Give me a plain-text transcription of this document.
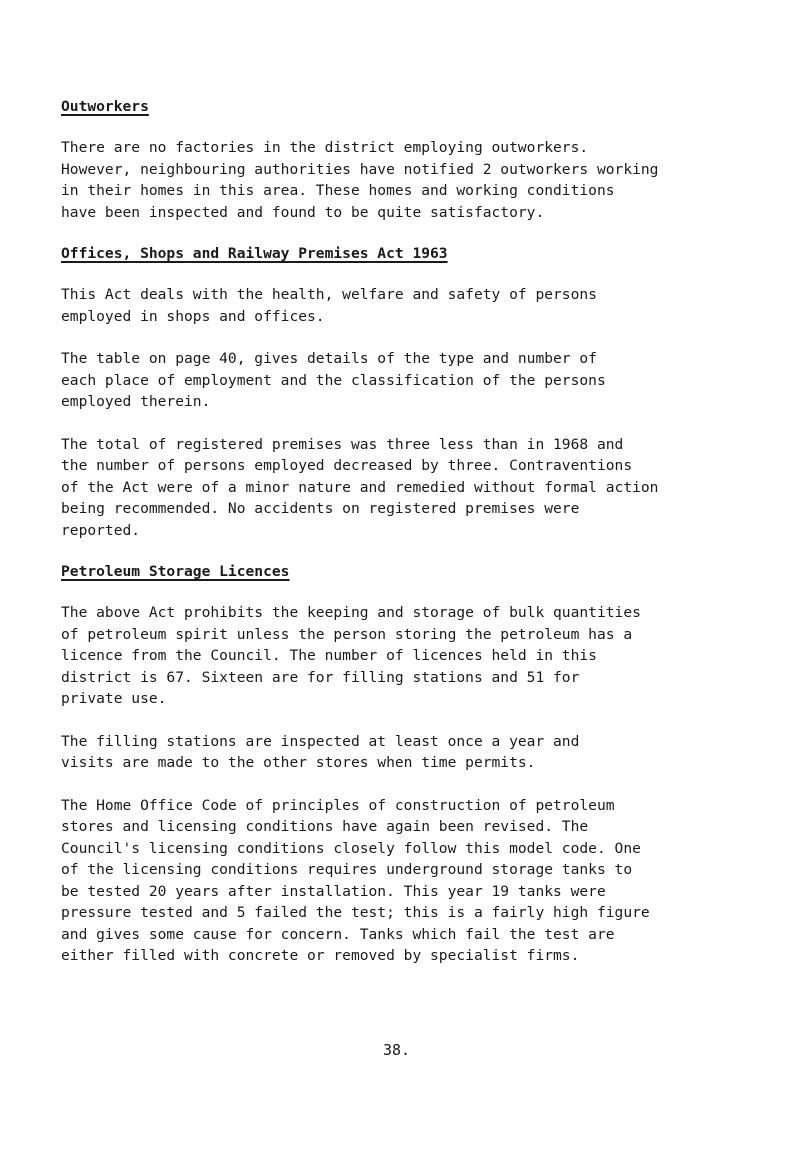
Outworkers

There are no factories in the district employing outworkers.
However, neighbouring authorities have notified 2 outworkers working
in their homes in this area. These homes and working conditions
have been inspected and found to be quite satisfactory.

Offices, Shops and Railway Premises Act 1963

This Act deals with the health, welfare and safety of persons
employed in shops and offices.

The table on page 40, gives details of the type and number of
each place of employment and the classification of the persons
employed therein.

The total of registered premises was three less than in 1968 and
the number of persons employed decreased by three. Contraventions
of the Act were of a minor nature and remedied without formal action
being recommended. No accidents on registered premises were
reported.

Petroleum Storage Licences

The above Act prohibits the keeping and storage of bulk quantities
of petroleum spirit unless the person storing the petroleum has a
licence from the Council. The number of licences held in this
district is 67. Sixteen are for filling stations and 51 for
private use.

The filling stations are inspected at least once a year and
visits are made to the other stores when time permits.

The Home Office Code of principles of construction of petroleum
stores and licensing conditions have again been revised. The
Council's licensing conditions closely follow this model code. One
of the licensing conditions requires underground storage tanks to
be tested 20 years after installation. This year 19 tanks were
pressure tested and 5 failed the test; this is a fairly high figure
and gives some cause for concern. Tanks which fail the test are
either filled with concrete or removed by specialist firms.

38.
